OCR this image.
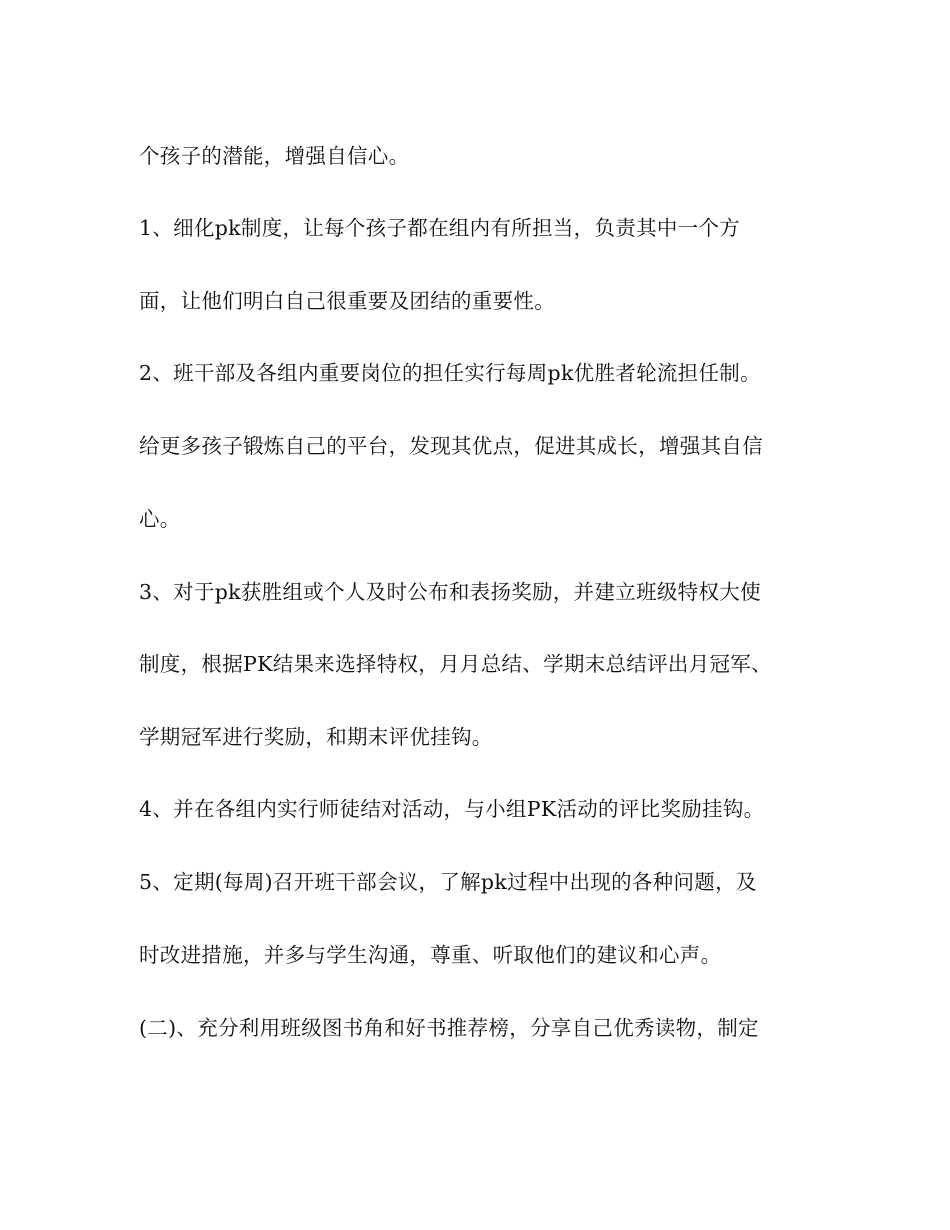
个孩子的潜能，增强自信心。
1、细化pk制度，让每个孩子都在组内有所担当，负责其中一个方
面，让他们明白自己很重要及团结的重要性。
2、班干部及各组内重要岗位的担任实行每周pk优胜者轮流担任制。
给更多孩子锻炼自己的平台，发现其优点，促进其成长，增强其自信
心。
3、对于pk获胜组或个人及时公布和表扬奖励，并建立班级特权大使
制度，根据PK结果来选择特权，月月总结、学期末总结评出月冠军、
学期冠军进行奖励，和期末评优挂钩。
4、并在各组内实行师徒结对活动，与小组PK活动的评比奖励挂钩。
5、定期(每周)召开班干部会议，了解pk过程中出现的各种问题，及
时改进措施，并多与学生沟通，尊重、听取他们的建议和心声。
(二)、充分利用班级图书角和好书推荐榜，分享自己优秀读物，制定
